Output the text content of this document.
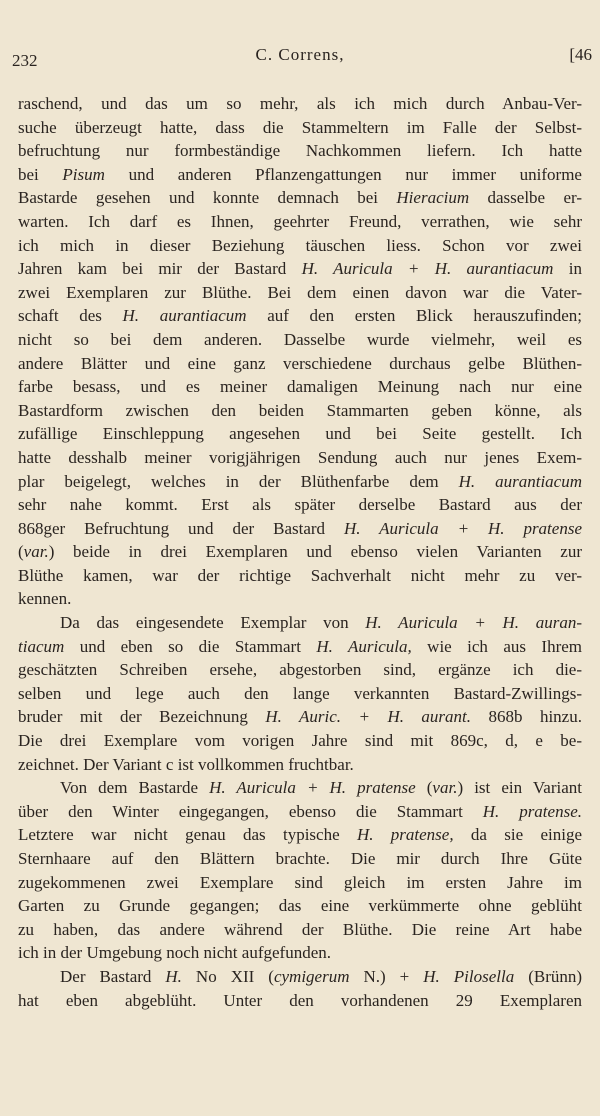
232	C. Correns,	[46
raschend, und das um so mehr, als ich mich durch Anbau-Ver-
suche überzeugt hatte, dass die Stammeltern im Falle der Selbst-
befruchtung nur formbeständige Nachkommen liefern. Ich hatte
bei Pisum und anderen Pflanzengattungen nur immer uniforme
Bastarde gesehen und konnte demnach bei Hieracium dasselbe er-
warten. Ich darf es Ihnen, geehrter Freund, verrathen, wie sehr
ich mich in dieser Beziehung täuschen liess. Schon vor zwei
Jahren kam bei mir der Bastard H. Auricula + H. aurantiacum in
zwei Exemplaren zur Blüthe. Bei dem einen davon war die Vater-
schaft des H. aurantiacum auf den ersten Blick herauszufinden;
nicht so bei dem anderen. Dasselbe wurde vielmehr, weil es
andere Blätter und eine ganz verschiedene durchaus gelbe Blüthen-
farbe besass, und es meiner damaligen Meinung nach nur eine
Bastardform zwischen den beiden Stammarten geben könne, als
zufällige Einschleppung angesehen und bei Seite gestellt. Ich
hatte desshalb meiner vorigjährigen Sendung auch nur jenes Exem-
plar beigelegt, welches in der Blüthenfarbe dem H. aurantiacum
sehr nahe kommt. Erst als später derselbe Bastard aus der
868ger Befruchtung und der Bastard H. Auricula + H. pratense
(var.) beide in drei Exemplaren und ebenso vielen Varianten zur
Blüthe kamen, war der richtige Sachverhalt nicht mehr zu ver-
kennen.
Da das eingesendete Exemplar von H. Auricula + H. auran-
tiacum und eben so die Stammart H. Auricula, wie ich aus Ihrem
geschätzten Schreiben ersehe, abgestorben sind, ergänze ich die-
selben und lege auch den lange verkannten Bastard-Zwillings-
bruder mit der Bezeichnung H. Auric. + H. aurant. 868b hinzu.
Die drei Exemplare vom vorigen Jahre sind mit 869c, d, e be-
zeichnet. Der Variant c ist vollkommen fruchtbar.
Von dem Bastarde H. Auricula + H. pratense (var.) ist ein Variant
über den Winter eingegangen, ebenso die Stammart H. pratense.
Letztere war nicht genau das typische H. pratense, da sie einige
Sternhaare auf den Blättern brachte. Die mir durch Ihre Güte
zugekommenen zwei Exemplare sind gleich im ersten Jahre im
Garten zu Grunde gegangen; das eine verkümmerte ohne geblüht
zu haben, das andere während der Blüthe. Die reine Art habe
ich in der Umgebung noch nicht aufgefunden.
Der Bastard H. No XII (cymigerum N.) + H. Pilosella (Brünn)
hat eben abgeblüht. Unter den vorhandenen 29 Exemplaren
